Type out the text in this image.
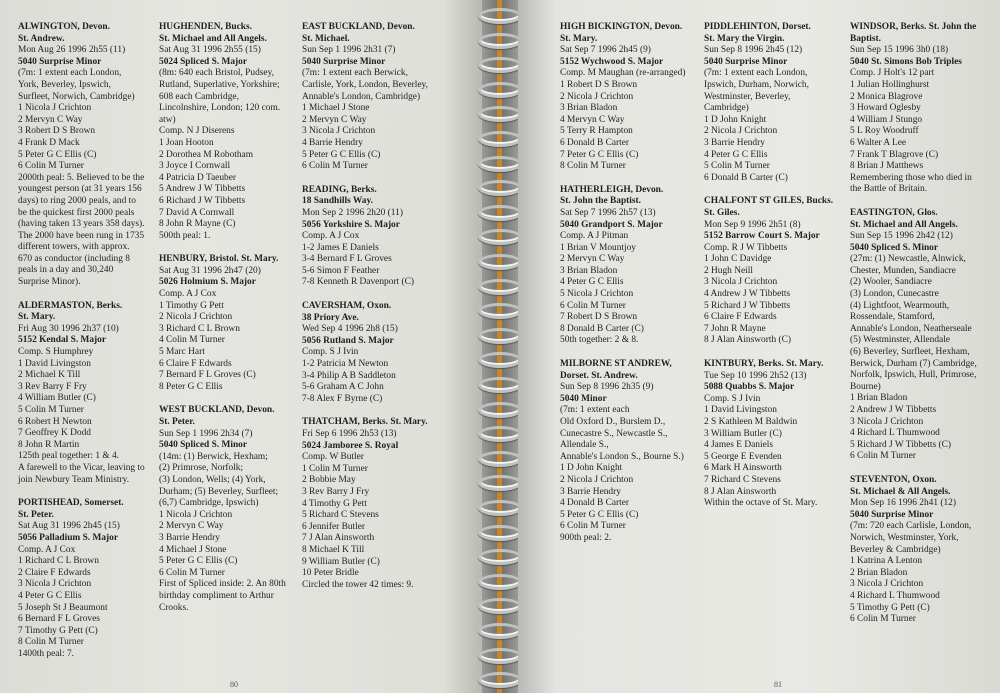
ALWINGTON, Devon.
St. Andrew.
Mon Aug 26 1996 2h55 (11)
5040 Surprise Minor
(7m: 1 extent each London,
York, Beverley, Ipswich,
Surfleet, Norwich, Cambridge)
1 Nicola J Crichton
2 Mervyn C Way
3 Robert D S Brown
4 Frank D Mack
5 Peter G C Ellis (C)
6 Colin M Turner
2000th peal: 5. Believed to be the
youngest person (at 31 years 156
days) to ring 2000 peals, and to
be the quickest first 2000 peals
(having taken 13 years 358 days).
The 2000 have been rung in 1735
different towers, with approx.
670 as conductor (including 8
peals in a day and 30,240
Surprise Minor).
ALDERMASTON, Berks.
St. Mary.
Fri Aug 30 1996 2h37 (10)
5152 Kendal S. Major
Comp. S Humphrey
1 David Livingston
2 Michael K Till
3 Rev Barry F Fry
4 William Butler (C)
5 Colin M Turner
6 Robert H Newton
7 Geoffrey K Dodd
8 John R Martin
125th peal together: 1 & 4.
A farewell to the Vicar, leaving to
join Newbury Team Ministry.
PORTISHEAD, Somerset.
St. Peter.
Sat Aug 31 1996 2h45 (15)
5056 Palladium S. Major
Comp. A J Cox
1 Richard C L Brown
2 Claire F Edwards
3 Nicola J Crichton
4 Peter G C Ellis
5 Joseph St J Beaumont
6 Bernard F L Groves
7 Timothy G Pett (C)
8 Colin M Turner
1400th peal: 7.
HUGHENDEN, Bucks.
St. Michael and All Angels.
Sat Aug 31 1996 2h55 (15)
5024 Spliced S. Major
(8m: 640 each Bristol, Pudsey,
Rutland, Superlative, Yorkshire;
608 each Cambridge,
Lincolnshire, London; 120 com.
atw)
Comp. N J Diserens
1 Joan Hooton
2 Dorothea M Robotham
3 Joyce I Cornwall
4 Patricia D Taeuber
5 Andrew J W Tibbetts
6 Richard J W Tibbetts
7 David A Cornwall
8 John R Mayne (C)
500th peal: 1.
HENBURY, Bristol. St. Mary.
Sat Aug 31 1996 2h47 (20)
5026 Holmium S. Major
Comp. A J Cox
1 Timothy G Pett
2 Nicola J Crichton
3 Richard C L Brown
4 Colin M Turner
5 Marc Hart
6 Claire F Edwards
7 Bernard F L Groves (C)
8 Peter G C Ellis
WEST BUCKLAND, Devon.
St. Peter.
Sun Sep 1 1996 2h34 (7)
5040 Spliced S. Minor
(14m: (1) Berwick, Hexham;
(2) Primrose, Norfolk;
(3) London, Wells; (4) York,
Durham; (5) Beverley, Surfleet;
(6,7) Cambridge, Ipswich)
1 Nicola J Crichton
2 Mervyn C Way
3 Barrie Hendry
4 Michael J Stone
5 Peter G C Ellis (C)
6 Colin M Turner
First of Spliced inside: 2. An 80th
birthday compliment to Arthur
Crooks.
EAST BUCKLAND, Devon.
St. Michael.
Sun Sep 1 1996 2h31 (7)
5040 Surprise Minor
(7m: 1 extent each Berwick,
Carlisle, York, London, Beverley,
Annable's London, Cambridge)
1 Michael J Stone
2 Mervyn C Way
3 Nicola J Crichton
4 Barrie Hendry
5 Peter G C Ellis (C)
6 Colin M Turner
READING, Berks.
18 Sandhills Way.
Mon Sep 2 1996 2h20 (11)
5056 Yorkshire S. Major
Comp. A J Cox
1-2 James E Daniels
3-4 Bernard F L Groves
5-6 Simon F Feather
7-8 Kenneth R Davenport (C)
CAVERSHAM, Oxon.
38 Priory Ave.
Wed Sep 4 1996 2h8 (15)
5056 Rutland S. Major
Comp. S J Ivin
1-2 Patricia M Newton
3-4 Philip A B Saddleton
5-6 Graham A C John
7-8 Alex F Byrne (C)
THATCHAM, Berks. St. Mary.
Fri Sep 6 1996 2h53 (13)
5024 Jamboree S. Royal
Comp. W Butler
1 Colin M Turner
2 Bobbie May
3 Rev Barry J Fry
4 Timothy G Pett
5 Richard C Stevens
6 Jennifer Butler
7 J Alan Ainsworth
8 Michael K Till
9 William Butler (C)
10 Peter Bridle
Circled the tower 42 times: 9.
80
HIGH BICKINGTON, Devon.
St. Mary.
Sat Sep 7 1996 2h45 (9)
5152 Wychwood S. Major
Comp. M Maughan (re-arranged)
1 Robert D S Brown
2 Nicola J Crichton
3 Brian Bladon
4 Mervyn C Way
5 Terry R Hampton
6 Donald B Carter
7 Peter G C Ellis (C)
8 Colin M Turner
HATHERLEIGH, Devon.
St. John the Baptist.
Sat Sep 7 1996 2h57 (13)
5040 Grandport S. Major
Comp. A J Pitman
1 Brian V Mountjoy
2 Mervyn C Way
3 Brian Bladon
4 Peter G C Ellis
5 Nicola J Crichton
6 Colin M Turner
7 Robert D S Brown
8 Donald B Carter (C)
50th together: 2 & 8.
MILBORNE ST ANDREW,
Dorset. St. Andrew.
Sun Sep 8 1996 2h35 (9)
5040 Minor
(7m: 1 extent each
Old Oxford D., Burslem D.,
Cunecastre S., Newcastle S.,
Allendale S.,
Annable's London S., Bourne S.)
1 D John Knight
2 Nicola J Crichton
3 Barrie Hendry
4 Donald B Carter
5 Peter G C Ellis (C)
6 Colin M Turner
900th peal: 2.
PIDDLEHINTON, Dorset.
St. Mary the Virgin.
Sun Sep 8 1996 2h45 (12)
5040 Surprise Minor
(7m: 1 extent each London,
Ipswich, Durham, Norwich,
Westminster, Beverley,
Cambridge)
1 D John Knight
2 Nicola J Crichton
3 Barrie Hendry
4 Peter G C Ellis
5 Colin M Turner
6 Donald B Carter (C)
CHALFONT ST GILES, Bucks.
St. Giles.
Mon Sep 9 1996 2h51 (8)
5152 Barrow Court S. Major
Comp. R J W Tibbetts
1 John C Davidge
2 Hugh Neill
3 Nicola J Crichton
4 Andrew J W Tibbetts
5 Richard J W Tibbetts
6 Claire F Edwards
7 John R Mayne
8 J Alan Ainsworth (C)
KINTBURY, Berks. St. Mary.
Tue Sep 10 1996 2h52 (13)
5088 Quabbs S. Major
Comp. S J Ivin
1 David Livingston
2 S Kathleen M Baldwin
3 William Butler (C)
4 James E Daniels
5 George E Evenden
6 Mark H Ainsworth
7 Richard C Stevens
8 J Alan Ainsworth
Within the octave of St. Mary.
WINDSOR, Berks. St. John the
Baptist.
Sun Sep 15 1996 3h0 (18)
5040 St. Simons Bob Triples
Comp. J Holt's 12 part
1 Julian Hollinghurst
2 Monica Blagrove
3 Howard Oglesby
4 William J Stungo
5 L Roy Woodruff
6 Walter A Lee
7 Frank T Blagrove (C)
8 Brian J Matthews
Remembering those who died in
the Battle of Britain.
EASTINGTON, Glos.
St. Michael and All Angels.
Sun Sep 15 1996 2h42 (12)
5040 Spliced S. Minor
(27m: (1) Newcastle, Alnwick,
Chester, Munden, Sandiacre
(2) Wooler, Sandiacre
(3) London, Cunecastre
(4) Lightfoot, Wearmouth,
Rossendale, Stamford,
Annable's London, Neatherseale
(5) Westminster, Allendale
(6) Beverley, Surfleet, Hexham,
Berwick, Durham (7) Cambridge,
Norfolk, Ipswich, Hull, Primrose,
Bourne)
1 Brian Bladon
2 Andrew J W Tibbetts
3 Nicola J Crichton
4 Richard L Thumwood
5 Richard J W Tibbetts (C)
6 Colin M Turner
STEVENTON, Oxon.
St. Michael & All Angels.
Mon Sep 16 1996 2h41 (12)
5040 Surprise Minor
(7m: 720 each Carlisle, London,
Norwich, Westminster, York,
Beverley & Cambridge)
1 Katrina A Lenton
2 Brian Bladon
3 Nicola J Crichton
4 Richard L Thumwood
5 Timothy G Pett (C)
6 Colin M Turner
81
